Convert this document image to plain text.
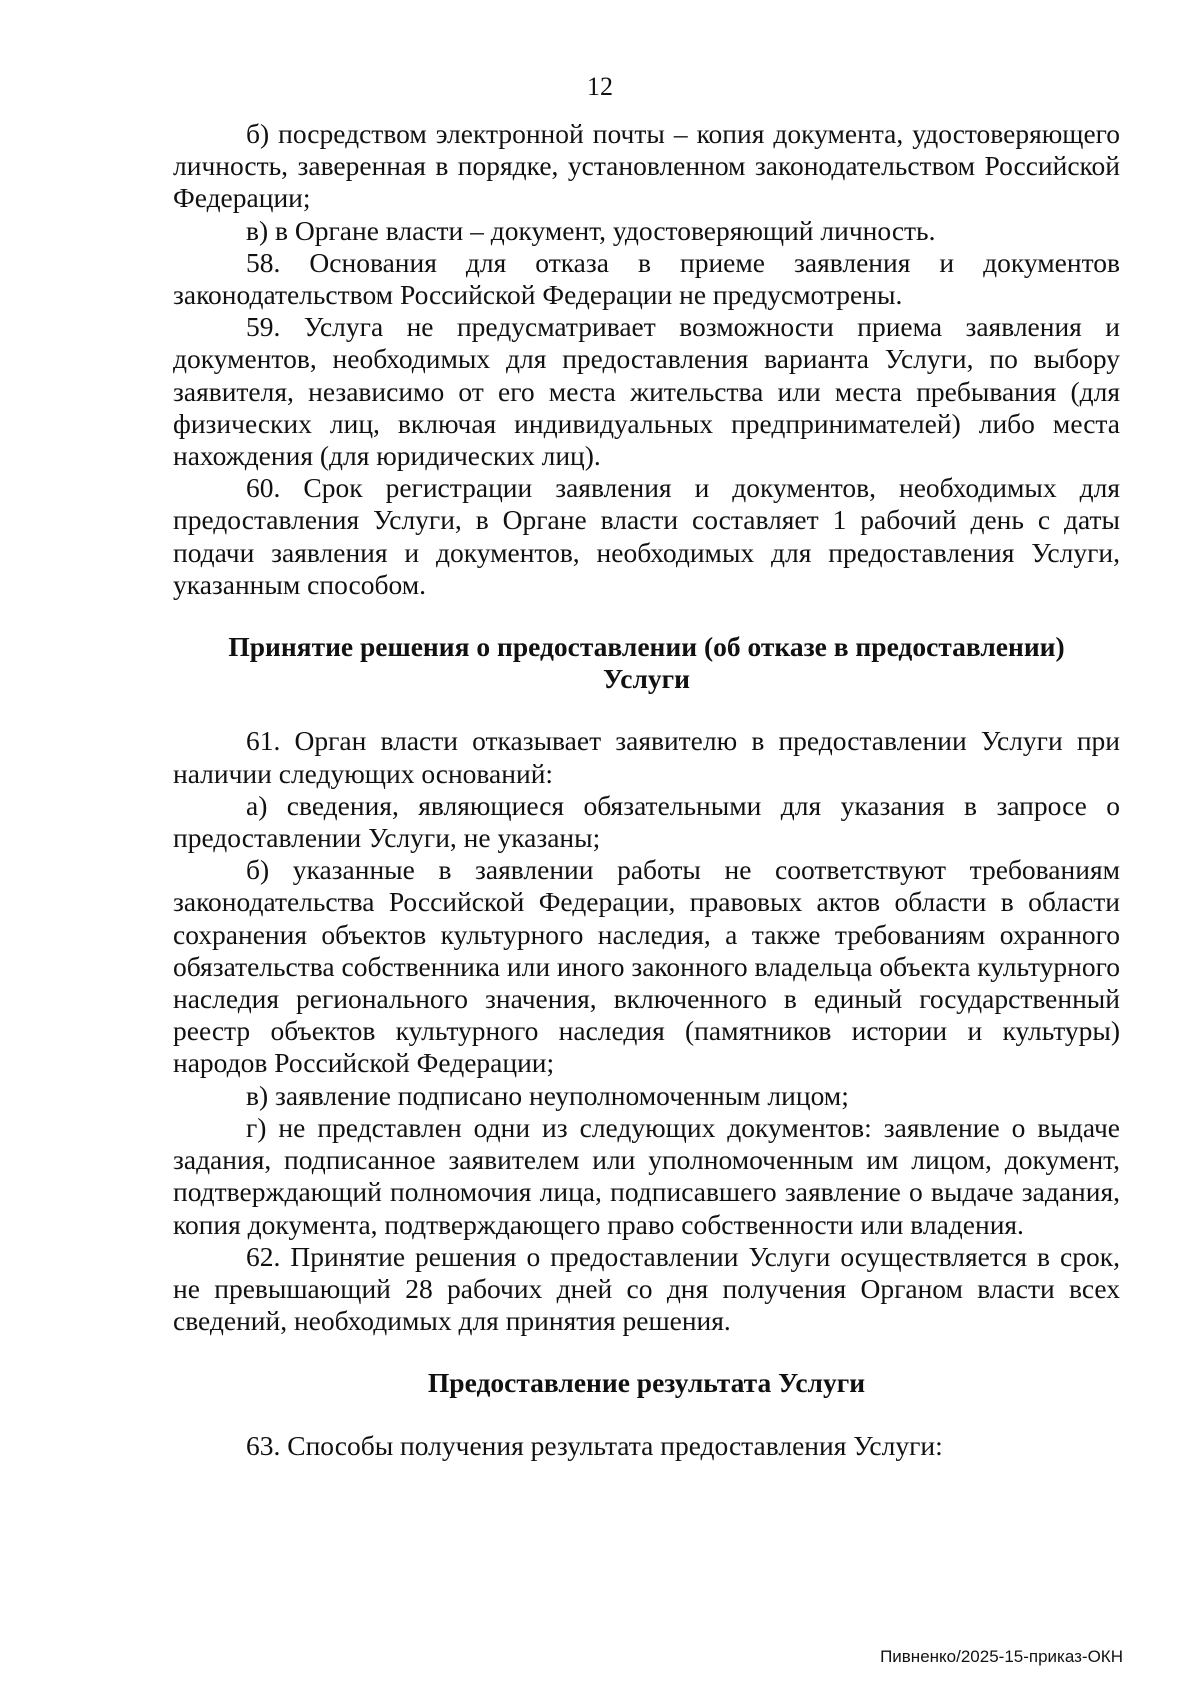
12

б) посредством электронной почты – копия документа, удостоверяющего личность, заверенная в порядке, установленном законодательством Российской Федерации;

в) в Органе власти – документ, удостоверяющий личность.

58. Основания для отказа в приеме заявления и документов законодательством Российской Федерации не предусмотрены.

59. Услуга не предусматривает возможности приема заявления и документов, необходимых для предоставления варианта Услуги, по выбору заявителя, независимо от его места жительства или места пребывания (для физических лиц, включая индивидуальных предпринимателей) либо места нахождения (для юридических лиц).

60. Срок регистрации заявления и документов, необходимых для предоставления Услуги, в Органе власти составляет 1 рабочий день с даты подачи заявления и документов, необходимых для предоставления Услуги, указанным способом.

Принятие решения о предоставлении (об отказе в предоставлении) Услуги

61. Орган власти отказывает заявителю в предоставлении Услуги при наличии следующих оснований:

а) сведения, являющиеся обязательными для указания в запросе о предоставлении Услуги, не указаны;

б) указанные в заявлении работы не соответствуют требованиям законодательства Российской Федерации, правовых актов области в области сохранения объектов культурного наследия, а также требованиям охранного обязательства собственника или иного законного владельца объекта культурного наследия регионального значения, включенного в единый государственный реестр объектов культурного наследия (памятников истории и культуры) народов Российской Федерации;

в) заявление подписано неуполномоченным лицом;

г) не представлен одни из следующих документов: заявление о выдаче задания, подписанное заявителем или уполномоченным им лицом, документ, подтверждающий полномочия лица, подписавшего заявление о выдаче задания, копия документа, подтверждающего право собственности или владения.

62. Принятие решения о предоставлении Услуги осуществляется в срок, не превышающий 28 рабочих дней со дня получения Органом власти всех сведений, необходимых для принятия решения.

Предоставление результата Услуги

63. Способы получения результата предоставления Услуги:

Пивненко/2025-15-приказ-ОКН
